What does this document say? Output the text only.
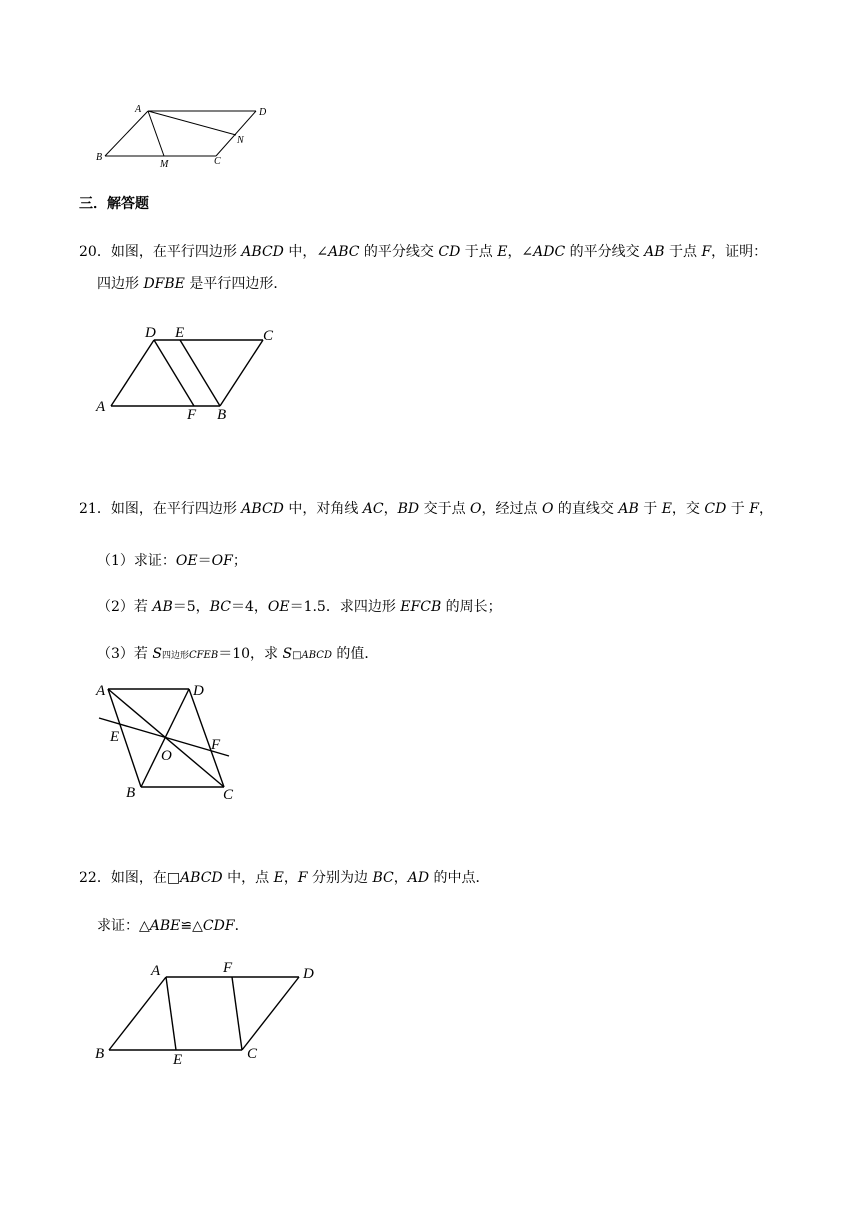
A	D
N
B
M	C
三．解答题
20．如图，在平行四边形 ABCD 中，∠ABC 的平分线交 CD 于点 E，∠ADC 的平分线交 AB 于点 F，证明：
四边形 DFBE 是平行四边形．
D E	C
A	F B
21．如图，在平行四边形 ABCD 中，对角线 AC，BD 交于点 O，经过点 O 的直线交 AB 于 E，交 CD 于 F，
（1）求证：OE＝OF；
（2）若 AB＝5，BC＝4，OE＝1.5．求四边形 EFCB 的周长；
（3）若 S四边形CFEB＝10，求 S□ABCD 的值．
A	D
E	F
O
B	C
22．如图，在□ABCD 中，点 E，F 分别为边 BC，AD 的中点．
求证：△ABE≌△CDF．
A	F	D
B	E	C
